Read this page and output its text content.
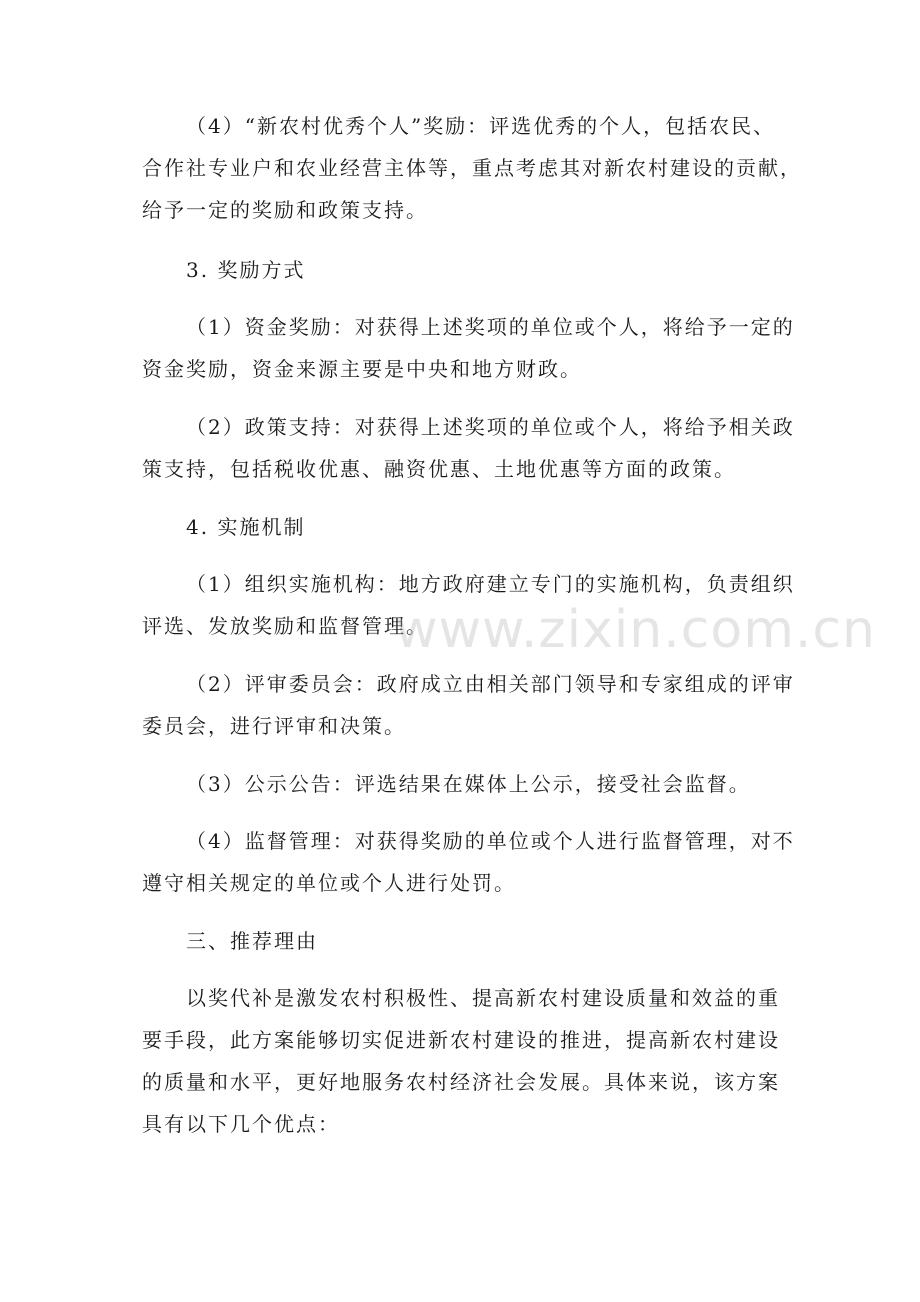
（4）“新农村优秀个人”奖励：评选优秀的个人，包括农民、
合作社专业户和农业经营主体等，重点考虑其对新农村建设的贡献，
给予一定的奖励和政策支持。

3. 奖励方式

（1）资金奖励：对获得上述奖项的单位或个人，将给予一定的
资金奖励，资金来源主要是中央和地方财政。

（2）政策支持：对获得上述奖项的单位或个人，将给予相关政
策支持，包括税收优惠、融资优惠、土地优惠等方面的政策。

4. 实施机制

（1）组织实施机构：地方政府建立专门的实施机构，负责组织
评选、发放奖励和监督管理。

（2）评审委员会：政府成立由相关部门领导和专家组成的评审
委员会，进行评审和决策。

（3）公示公告：评选结果在媒体上公示，接受社会监督。

（4）监督管理：对获得奖励的单位或个人进行监督管理，对不
遵守相关规定的单位或个人进行处罚。

三、推荐理由

以奖代补是激发农村积极性、提高新农村建设质量和效益的重
要手段，此方案能够切实促进新农村建设的推进，提高新农村建设
的质量和水平，更好地服务农村经济社会发展。具体来说，该方案
具有以下几个优点：

www.zixin.com.cn
